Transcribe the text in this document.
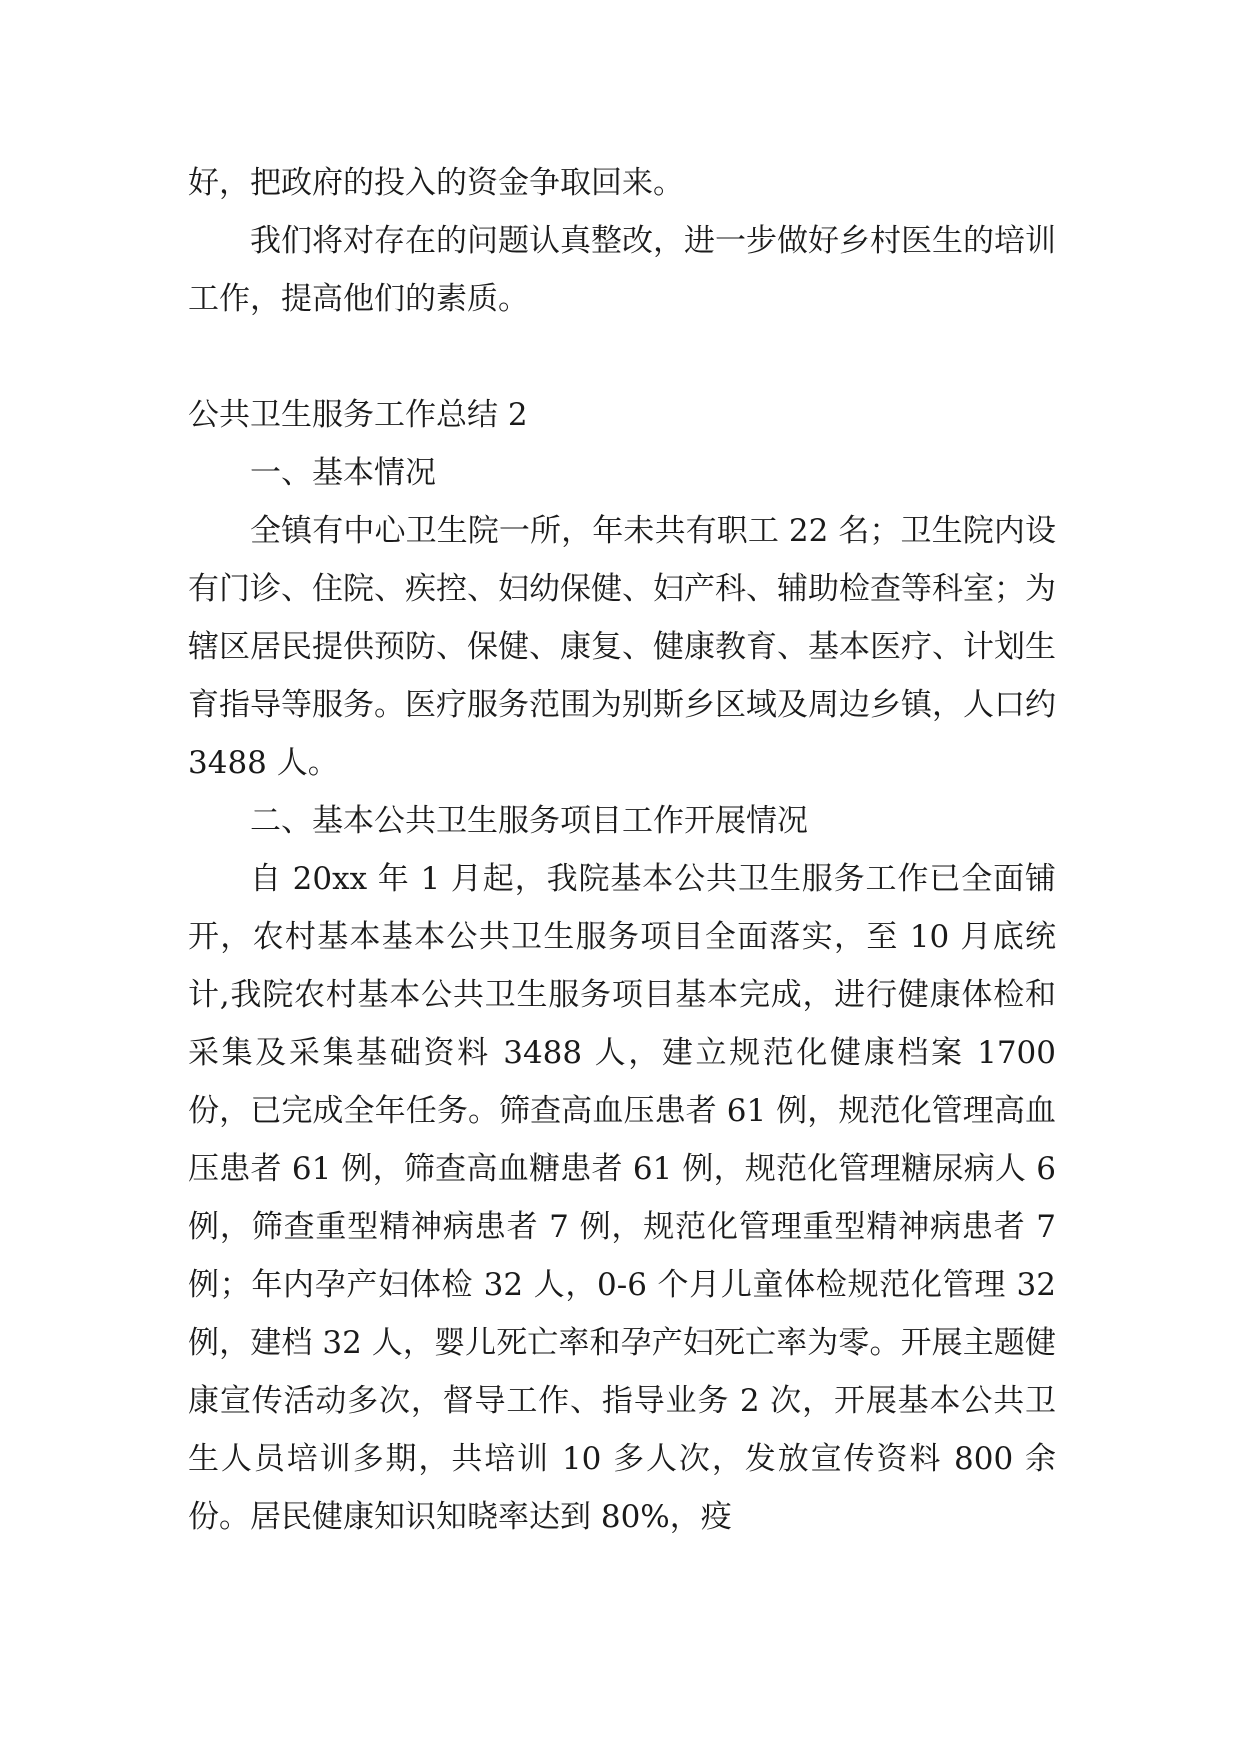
好，把政府的投入的资金争取回来。

我们将对存在的问题认真整改，进一步做好乡村医生的培训工作，提高他们的素质。

公共卫生服务工作总结 2

一、基本情况

全镇有中心卫生院一所，年未共有职工 22 名；卫生院内设有门诊、住院、疾控、妇幼保健、妇产科、辅助检查等科室；为辖区居民提供预防、保健、康复、健康教育、基本医疗、计划生育指导等服务。医疗服务范围为别斯乡区域及周边乡镇，人口约 3488 人。

二、基本公共卫生服务项目工作开展情况

自 20xx 年 1 月起，我院基本公共卫生服务工作已全面铺开，农村基本基本公共卫生服务项目全面落实，至 10 月底统计,我院农村基本公共卫生服务项目基本完成，进行健康体检和采集及采集基础资料 3488 人，建立规范化健康档案 1700 份，已完成全年任务。筛查高血压患者 61 例，规范化管理高血压患者 61 例，筛查高血糖患者 61 例，规范化管理糖尿病人 6 例，筛查重型精神病患者 7 例，规范化管理重型精神病患者 7 例；年内孕产妇体检 32 人，0-6 个月儿童体检规范化管理 32 例，建档 32 人，婴儿死亡率和孕产妇死亡率为零。开展主题健康宣传活动多次，督导工作、指导业务 2 次，开展基本公共卫生人员培训多期，共培训 10 多人次，发放宣传资料 800 余份。居民健康知识知晓率达到 80%，疫
